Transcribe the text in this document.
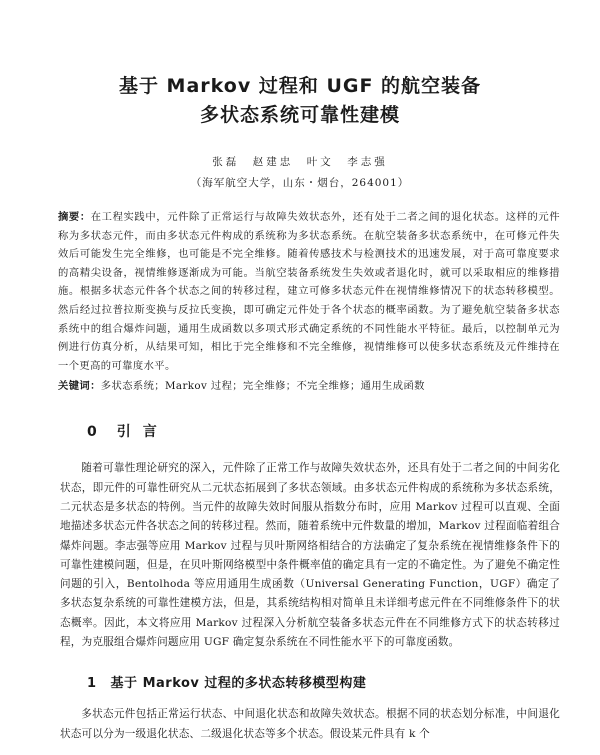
基于 Markov 过程和 UGF 的航空装备

多状态系统可靠性建模

张磊　赵建忠　叶文　李志强
（海军航空大学，山东・烟台，264001）
摘要：在工程实践中，元件除了正常运行与故障失效状态外，还有处于二者之间的退化状态。这样的元件称为多状态元件，而由多状态元件构成的系统称为多状态系统。在航空装备多状态系统中，在可修元件失效后可能发生完全维修，也可能是不完全维修。随着传感技术与检测技术的迅速发展，对于高可靠度要求的高精尖设备，视情维修逐渐成为可能。当航空装备系统发生失效或者退化时，就可以采取相应的维修措施。根据多状态元件各个状态之间的转移过程，建立可修多状态元件在视情维修情况下的状态转移模型。然后经过拉普拉斯变换与反拉氏变换，即可确定元件处于各个状态的概率函数。为了避免航空装备多状态系统中的组合爆炸问题，通用生成函数以多项式形式确定系统的不同性能水平特征。最后，以控制单元为例进行仿真分析，从结果可知，相比于完全维修和不完全维修，视情维修可以使多状态系统及元件维持在一个更高的可靠度水平。
关键词：多状态系统；Markov 过程；完全维修；不完全维修；通用生成函数
0 引言

随着可靠性理论研究的深入，元件除了正常工作与故障失效状态外，还具有处于二者之间的中间劣化状态，即元件的可靠性研究从二元状态拓展到了多状态领域。由多状态元件构成的系统称为多状态系统，二元状态是多状态的特例。当元件的故障失效时间服从指数分布时，应用 Markov 过程可以直观、全面地描述多状态元件各状态之间的转移过程。然而，随着系统中元件数量的增加，Markov 过程面临着组合爆炸问题。李志强等应用 Markov 过程与贝叶斯网络相结合的方法确定了复杂系统在视情维修条件下的可靠性建模问题，但是，在贝叶斯网络模型中条件概率值的确定具有一定的不确定性。为了避免不确定性问题的引入，Bentolhoda 等应用通用生成函数（Universal Generating Function，UGF）确定了多状态复杂系统的可靠性建模方法，但是，其系统结构相对简单且未详细考虑元件在不同维修条件下的状态概率。因此，本文将应用 Markov 过程深入分析航空装备多状态元件在不同维修方式下的状态转移过程，为克服组合爆炸问题应用 UGF 确定复杂系统在不同性能水平下的可靠度函数。

1 基于 Markov 过程的多状态转移模型构建

多状态元件包括正常运行状态、中间退化状态和故障失效状态。根据不同的状态划分标准，中间退化状态可以分为一级退化状态、二级退化状态等多个状态。假设某元件具有 k 个
